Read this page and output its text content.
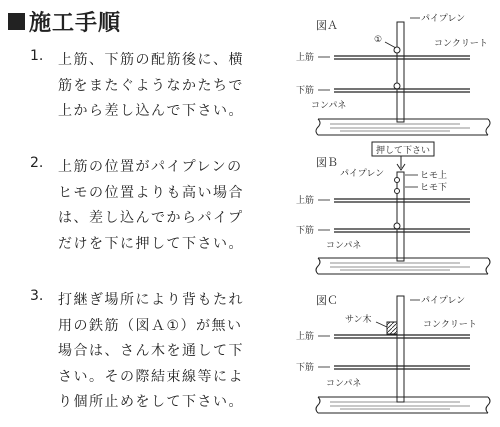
施工手順
1. 上筋、下筋の配筋後に、横
筋をまたぐようなかたちで
上から差し込んで下さい。
2. 上筋の位置がパイプレンの
ヒモの位置よりも高い場合
は、差し込んでからパイプ
だけを下に押して下さい。
3. 打継ぎ場所により背もたれ
用の鉄筋（図Ａ①）が無い
場合は、さん木を通して下
さい。その際結束線等によ
り個所止めをして下さい。
図Ａ	パイプレン
①	コンクリート
上筋
下筋
コンパネ
押して下さい
図Ｂ
パイプレン	ヒモ上
ヒモ下
上筋
下筋
コンパネ
図Ｃ	パイプレン
サン木	コンクリート
上筋
下筋
コンパネ
